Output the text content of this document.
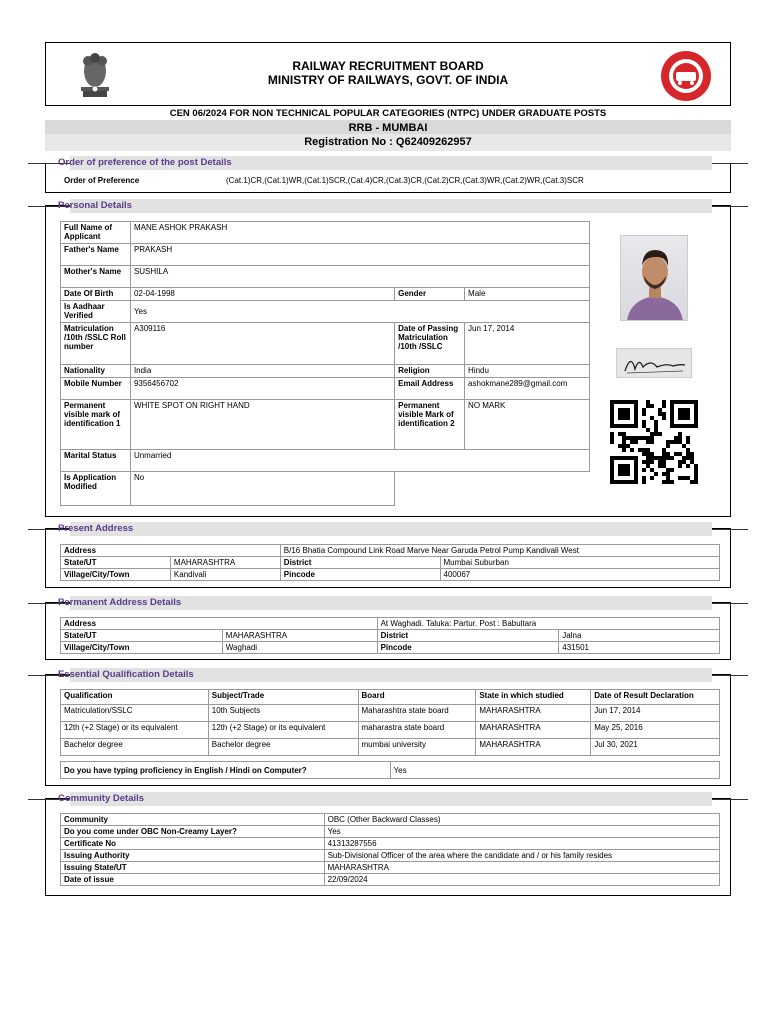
RAILWAY RECRUITMENT BOARD
MINISTRY OF RAILWAYS, GOVT. OF INDIA
CEN 06/2024 FOR NON TECHNICAL POPULAR CATEGORIES (NTPC) UNDER GRADUATE POSTS
RRB - MUMBAI
Registration No : Q62409262957
Order of preference of the post Details
Order of Preference	(Cat.1)CR,(Cat.1)WR,(Cat.1)SCR,(Cat.4)CR,(Cat.3)CR,(Cat.2)CR,(Cat.3)WR,(Cat.2)WR,(Cat.3)SCR
Personal Details
Full Name of Applicant	MANE ASHOK PRAKASH		
Father's Name	PRAKASH		
Mother's Name	SUSHILA		
Date Of Birth	02-04-1998	Gender	Male
Is Aadhaar Verified	Yes		
Matriculation /10th /SSLC Roll number	A309116	Date of Passing Matriculation /10th /SSLC	Jun 17, 2014
Nationality	India	Religion	Hindu
Mobile Number	9356456702	Email Address	ashokmane289@gmail.com
Permanent visible mark of identification 1	WHITE SPOT ON RIGHT HAND	Permanent visible Mark of identification 2	NO MARK
Marital Status	Unmarried		
Is Application Modified	No		
Present Address
Address		B/16 Bhatia Compound Link Road Marve Near Garuda Petrol Pump Kandivali West	
State/UT	MAHARASHTRA	District	Mumbai Suburban
Village/City/Town	Kandivali	Pincode	400067
Permanent Address Details
Address		At Waghadi. Taluka: Partur. Post : Babultara	
State/UT	MAHARASHTRA	District	Jalna
Village/City/Town	Waghadi	Pincode	431501
Essential Qualification Details
Qualification	Subject/Trade	Board	State in which studied	Date of Result Declaration
Matriculation/SSLC	10th Subjects	Maharashtra state board	MAHARASHTRA	Jun 17, 2014
12th (+2 Stage) or its equivalent	12th (+2 Stage) or its equivalent	maharastra state board	MAHARASHTRA	May 25, 2016
Bachelor degree	Bachelor degree	mumbai university	MAHARASHTRA	Jul 30, 2021
Do you have typing proficiency in English / Hindi on Computer?	Yes
Community Details
Community	OBC (Other Backward Classes)
Do you come under OBC Non-Creamy Layer?	Yes
Certificate No	41313287556
Issuing Authority	Sub-Divisional Officer of the area where the candidate and / or his family resides
Issuing State/UT	MAHARASHTRA
Date of issue	22/09/2024
